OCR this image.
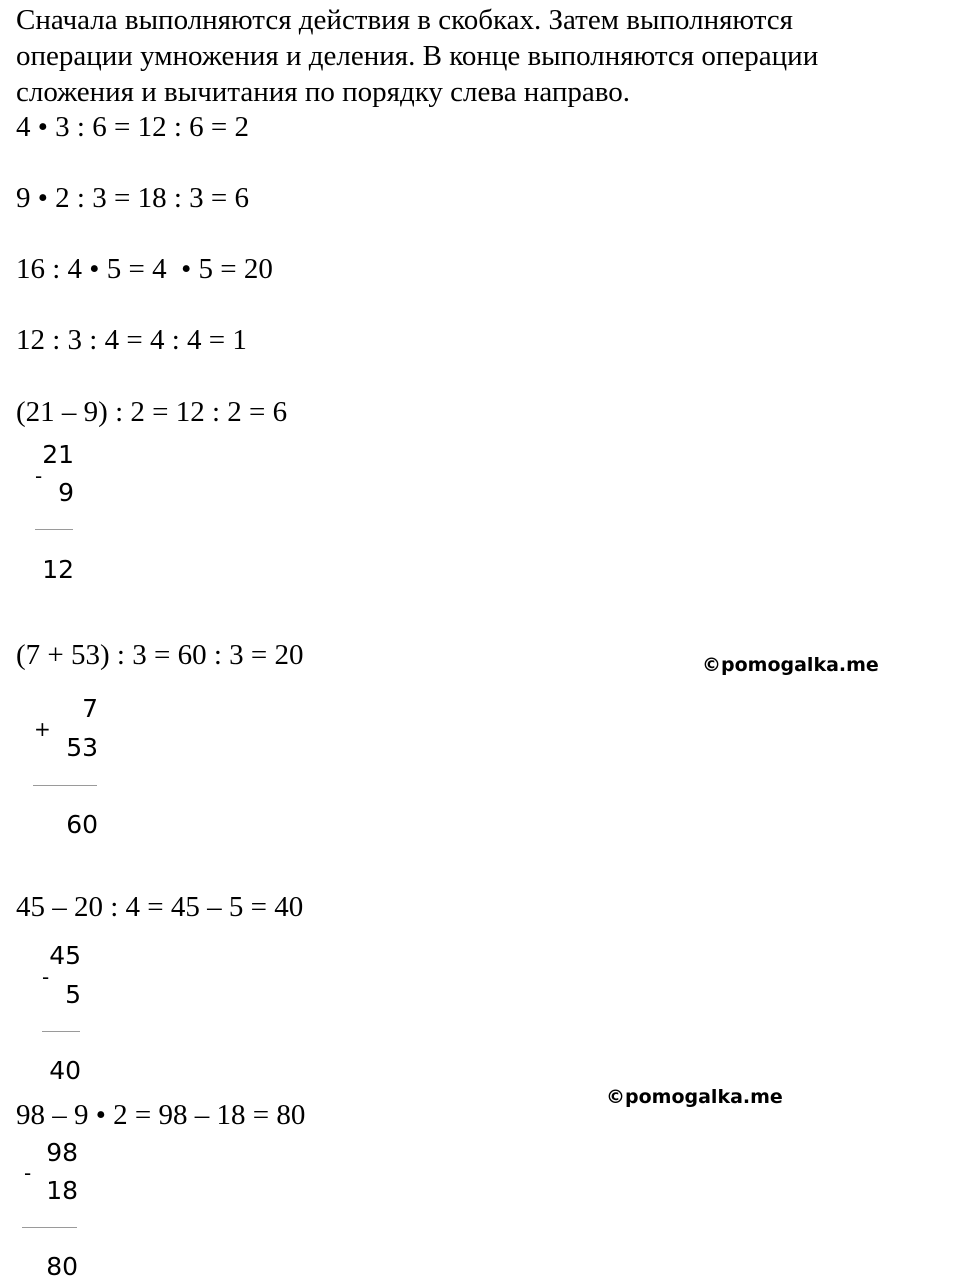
Сначала выполняются действия в скобках. Затем выполняются
операции умножения и деления. В конце выполняются операции
сложения и вычитания по порядку слева направо.

4 • 3 : 6 = 12 : 6 = 2
9 • 2 : 3 = 18 : 3 = 6
16 : 4 • 5 = 4  • 5 = 20
12 : 3 : 4 = 4 : 4 = 1
(21 – 9) : 2 = 12 : 2 = 6
21
-
9
12
(7 + 53) : 3 = 60 : 3 = 20	©pomogalka.me
7
+
53
60
45 – 20 : 4 = 45 – 5 = 40
45
-
5
40
98 – 9 • 2 = 98 – 18 = 80
©pomogalka.me
98
-
18
80
